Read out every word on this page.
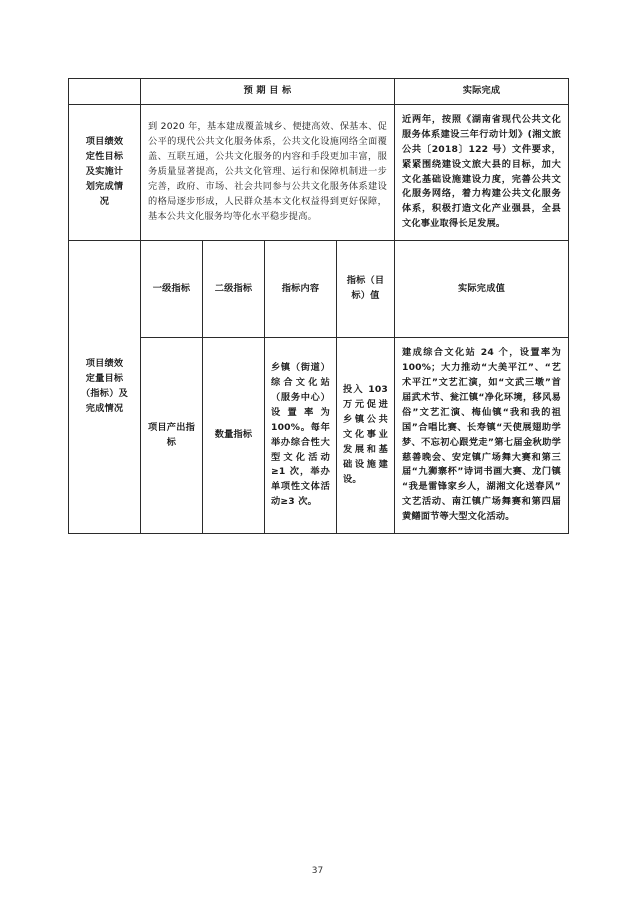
	预 期 目 标				实际完成
项目绩效
定性目标
及实施计
划完成情
况	到 2020 年，基本建成覆盖城乡、便捷高效、保基本、促公平的现代公共文化服务体系，公共文化设施网络全面覆盖、互联互通，公共文化服务的内容和手段更加丰富，服务质量显著提高，公共文化管理、运行和保障机制进一步完善，政府、市场、社会共同参与公共文化服务体系建设的格局逐步形成，人民群众基本文化权益得到更好保障，基本公共文化服务均等化水平稳步提高。				近两年，按照《湖南省现代公共文化服务体系建设三年行动计划》(湘文旅公共〔2018〕122 号）文件要求，紧紧围绕建设文旅大县的目标，加大文化基础设施建设力度，完善公共文化服务网络，着力构建公共文化服务体系，积极打造文化产业强县，全县文化事业取得长足发展。
项目绩效
定量目标
（指标）及
完成情况	一级指标	二级指标	指标内容	指标（目标）值	实际完成值
	项目产出指标	数量指标	乡镇（街道）综合文化站（服务中心）设置率为 100%。每年举办综合性大型文化活动≥1 次，举办单项性文体活动≥3 次。	投入 103 万元促进乡镇公共文化事业发展和基础设施建设。	建成综合文化站 24 个，设置率为 100%；大力推动“大美平江”、“艺术平江”文艺汇演，如“文武三墩”首届武术节、瓮江镇“净化环境，移风易俗”文艺汇演、梅仙镇“我和我的祖国”合唱比赛、长寿镇“天使展翅助学梦、不忘初心跟党走”第七届金秋助学慈善晚会、安定镇广场舞大赛和第三届“九狮寨杯”诗词书画大赛、龙门镇“我是雷锋家乡人，湖湘文化送春风”文艺活动、南江镇广场舞赛和第四届黄鳝面节等大型文化活动。
37
